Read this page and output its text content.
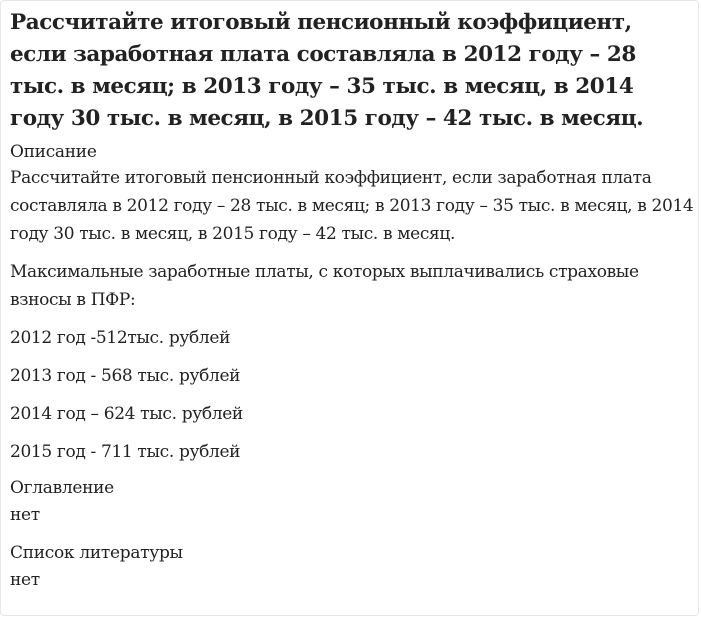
Рассчитайте итоговый пенсионный коэффициент, если заработная плата составляла в 2012 году – 28 тыс. в месяц; в 2013 году – 35 тыс. в месяц, в 2014 году 30 тыс. в месяц, в 2015 году – 42 тыс. в месяц.
Описание

Рассчитайте итоговый пенсионный коэффициент, если заработная плата составляла в 2012 году – 28 тыс. в месяц; в 2013 году – 35 тыс. в месяц, в 2014 году 30 тыс. в месяц, в 2015 году – 42 тыс. в месяц.

Максимальные заработные платы, с которых выплачивались страховые взносы в ПФР:

2012 год -512тыс. рублей
2013 год - 568 тыс. рублей
2014 год – 624 тыс. рублей
2015 год - 711 тыс. рублей
Оглавление
нет
Список литературы
нет
